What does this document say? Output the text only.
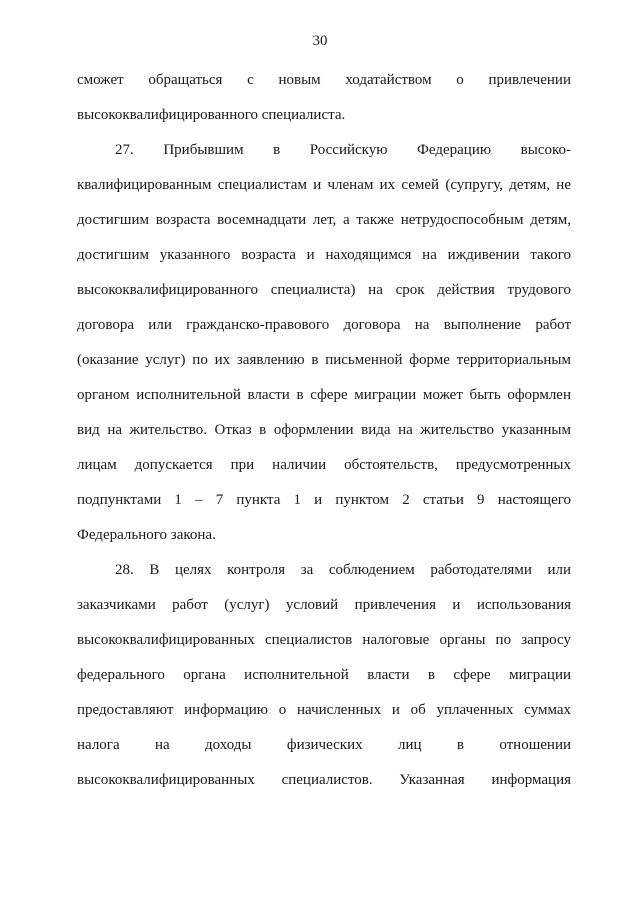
30
сможет обращаться с новым ходатайством о привлечении
высококвалифицированного специалиста.
27. Прибывшим в Российскую Федерацию высоко-
квалифицированным специалистам и членам их семей (супругу, детям, не
достигшим возраста восемнадцати лет, а также нетрудоспособным детям,
достигшим указанного возраста и находящимся на иждивении такого
высококвалифицированного специалиста) на срок действия трудового
договора или гражданско-правового договора на выполнение работ
(оказание услуг) по их заявлению в письменной форме территориальным
органом исполнительной власти в сфере миграции может быть оформлен
вид на жительство. Отказ в оформлении вида на жительство указанным
лицам допускается при наличии обстоятельств, предусмотренных
подпунктами 1 – 7 пункта 1 и пунктом 2 статьи 9 настоящего
Федерального закона.
28. В целях контроля за соблюдением работодателями или
заказчиками работ (услуг) условий привлечения и использования
высококвалифицированных специалистов налоговые органы по запросу
федерального органа исполнительной власти в сфере миграции
предоставляют информацию о начисленных и об уплаченных суммах
налога на доходы физических лиц в отношении
высококвалифицированных специалистов. Указанная информация
